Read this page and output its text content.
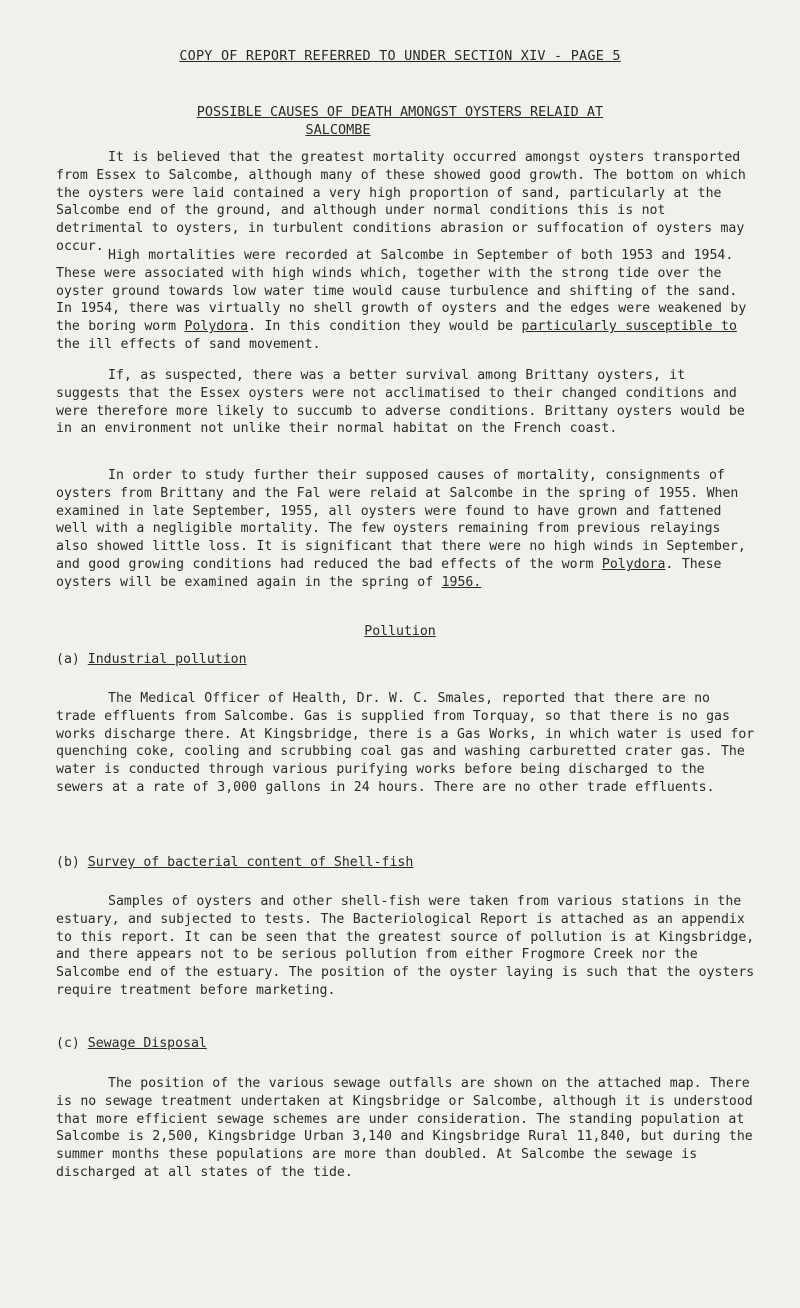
COPY OF REPORT REFERRED TO UNDER SECTION XIV - PAGE 5
POSSIBLE CAUSES OF DEATH AMONGST OYSTERS RELAID AT
SALCOMBE
It is believed that the greatest mortality occurred amongst oysters transported from Essex to Salcombe, although many of these showed good growth. The bottom on which the oysters were laid contained a very high proportion of sand, particularly at the Salcombe end of the ground, and although under normal conditions this is not detrimental to oysters, in turbulent conditions abrasion or suffocation of oysters may occur.
High mortalities were recorded at Salcombe in September of both 1953 and 1954. These were associated with high winds which, together with the strong tide over the oyster ground towards low water time would cause turbulence and shifting of the sand. In 1954, there was virtually no shell growth of oysters and the edges were weakened by the boring worm Polydora. In this condition they would be particularly susceptible to the ill effects of sand movement.
If, as suspected, there was a better survival among Brittany oysters, it suggests that the Essex oysters were not acclimatised to their changed conditions and were therefore more likely to succumb to adverse conditions. Brittany oysters would be in an environment not unlike their normal habitat on the French coast.
In order to study further their supposed causes of mortality, consignments of oysters from Brittany and the Fal were relaid at Salcombe in the spring of 1955. When examined in late September, 1955, all oysters were found to have grown and fattened well with a negligible mortality. The few oysters remaining from previous relayings also showed little loss. It is significant that there were no high winds in September, and good growing conditions had reduced the bad effects of the worm Polydora. These oysters will be examined again in the spring of 1956.
Pollution
(a) Industrial pollution
The Medical Officer of Health, Dr. W. C. Smales, reported that there are no trade effluents from Salcombe. Gas is supplied from Torquay, so that there is no gas works discharge there. At Kingsbridge, there is a Gas Works, in which water is used for quenching coke, cooling and scrubbing coal gas and washing carburetted crater gas. The water is conducted through various purifying works before being discharged to the sewers at a rate of 3,000 gallons in 24 hours. There are no other trade effluents.
(b) Survey of bacterial content of Shell-fish
Samples of oysters and other shell-fish were taken from various stations in the estuary, and subjected to tests. The Bacteriological Report is attached as an appendix to this report. It can be seen that the greatest source of pollution is at Kingsbridge, and there appears not to be serious pollution from either Frogmore Creek nor the Salcombe end of the estuary. The position of the oyster laying is such that the oysters require treatment before marketing.
(c) Sewage Disposal
The position of the various sewage outfalls are shown on the attached map. There is no sewage treatment undertaken at Kingsbridge or Salcombe, although it is understood that more efficient sewage schemes are under consideration. The standing population at Salcombe is 2,500, Kingsbridge Urban 3,140 and Kingsbridge Rural 11,840, but during the summer months these populations are more than doubled. At Salcombe the sewage is discharged at all states of the tide.
